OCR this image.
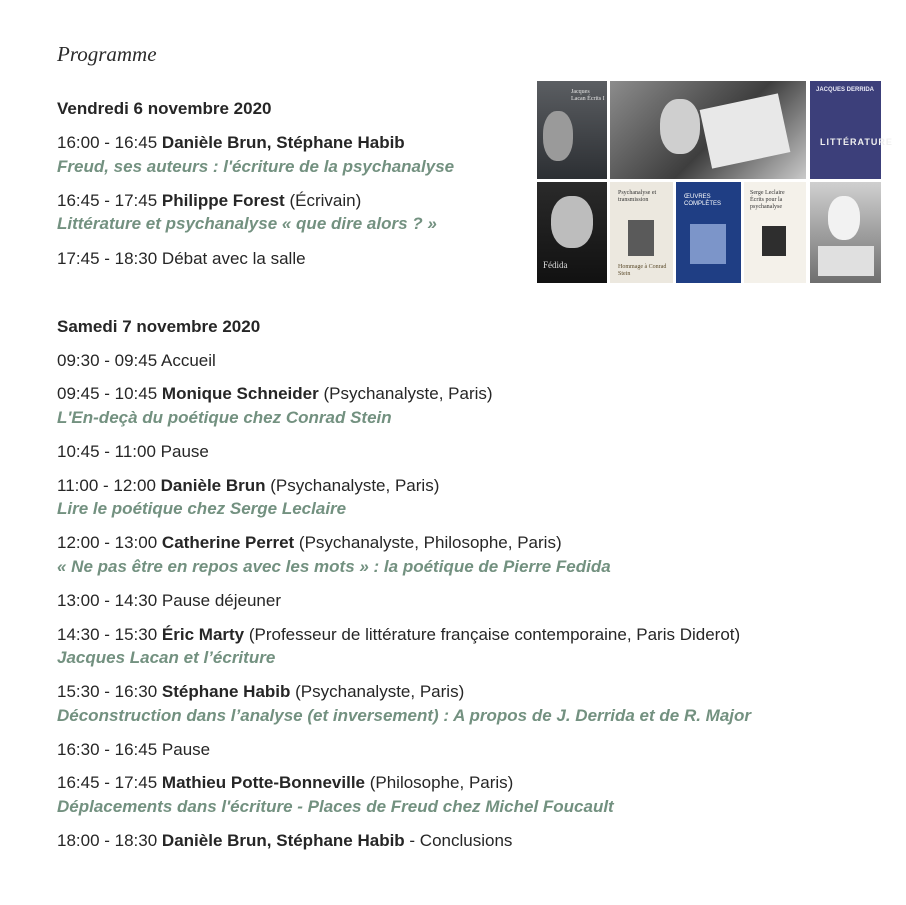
Programme
Vendredi 6 novembre 2020
16:00 - 16:45 Danièle Brun, Stéphane Habib
Freud, ses auteurs : l'écriture de la psychanalyse
16:45 - 17:45 Philippe Forest (Écrivain)
Littérature et psychanalyse « que dire alors ? »
17:45 - 18:30 Débat avec la salle
Samedi 7 novembre 2020
09:30 - 09:45 Accueil
09:45 - 10:45 Monique Schneider (Psychanalyste, Paris)
L'En-deçà du poétique chez Conrad Stein
10:45 - 11:00 Pause
11:00 - 12:00 Danièle Brun (Psychanalyste, Paris)
Lire le poétique chez Serge Leclaire
12:00 - 13:00 Catherine Perret (Psychanalyste, Philosophe, Paris)
« Ne pas être en repos avec les mots » : la poétique de Pierre Fedida
13:00 - 14:30 Pause déjeuner
14:30 - 15:30 Éric Marty (Professeur de littérature française contemporaine, Paris Diderot)
Jacques Lacan et l’écriture
15:30 - 16:30 Stéphane Habib (Psychanalyste, Paris)
Déconstruction dans l’analyse (et inversement) : A propos de J. Derrida et de R. Major
16:30 - 16:45 Pause
16:45 - 17:45 Mathieu Potte-Bonneville (Philosophe, Paris)
Déplacements dans l'écriture - Places de Freud chez Michel Foucault
18:00 - 18:30 Danièle Brun, Stéphane Habib - Conclusions
Jacques Lacan Écrits I
JACQUES DERRIDA
LITTÉRATURE
Fédida
Psychanalyse et transmission
Hommage à Conrad Stein
ŒUVRES COMPLÈTES
Serge Leclaire Écrits pour la psychanalyse
